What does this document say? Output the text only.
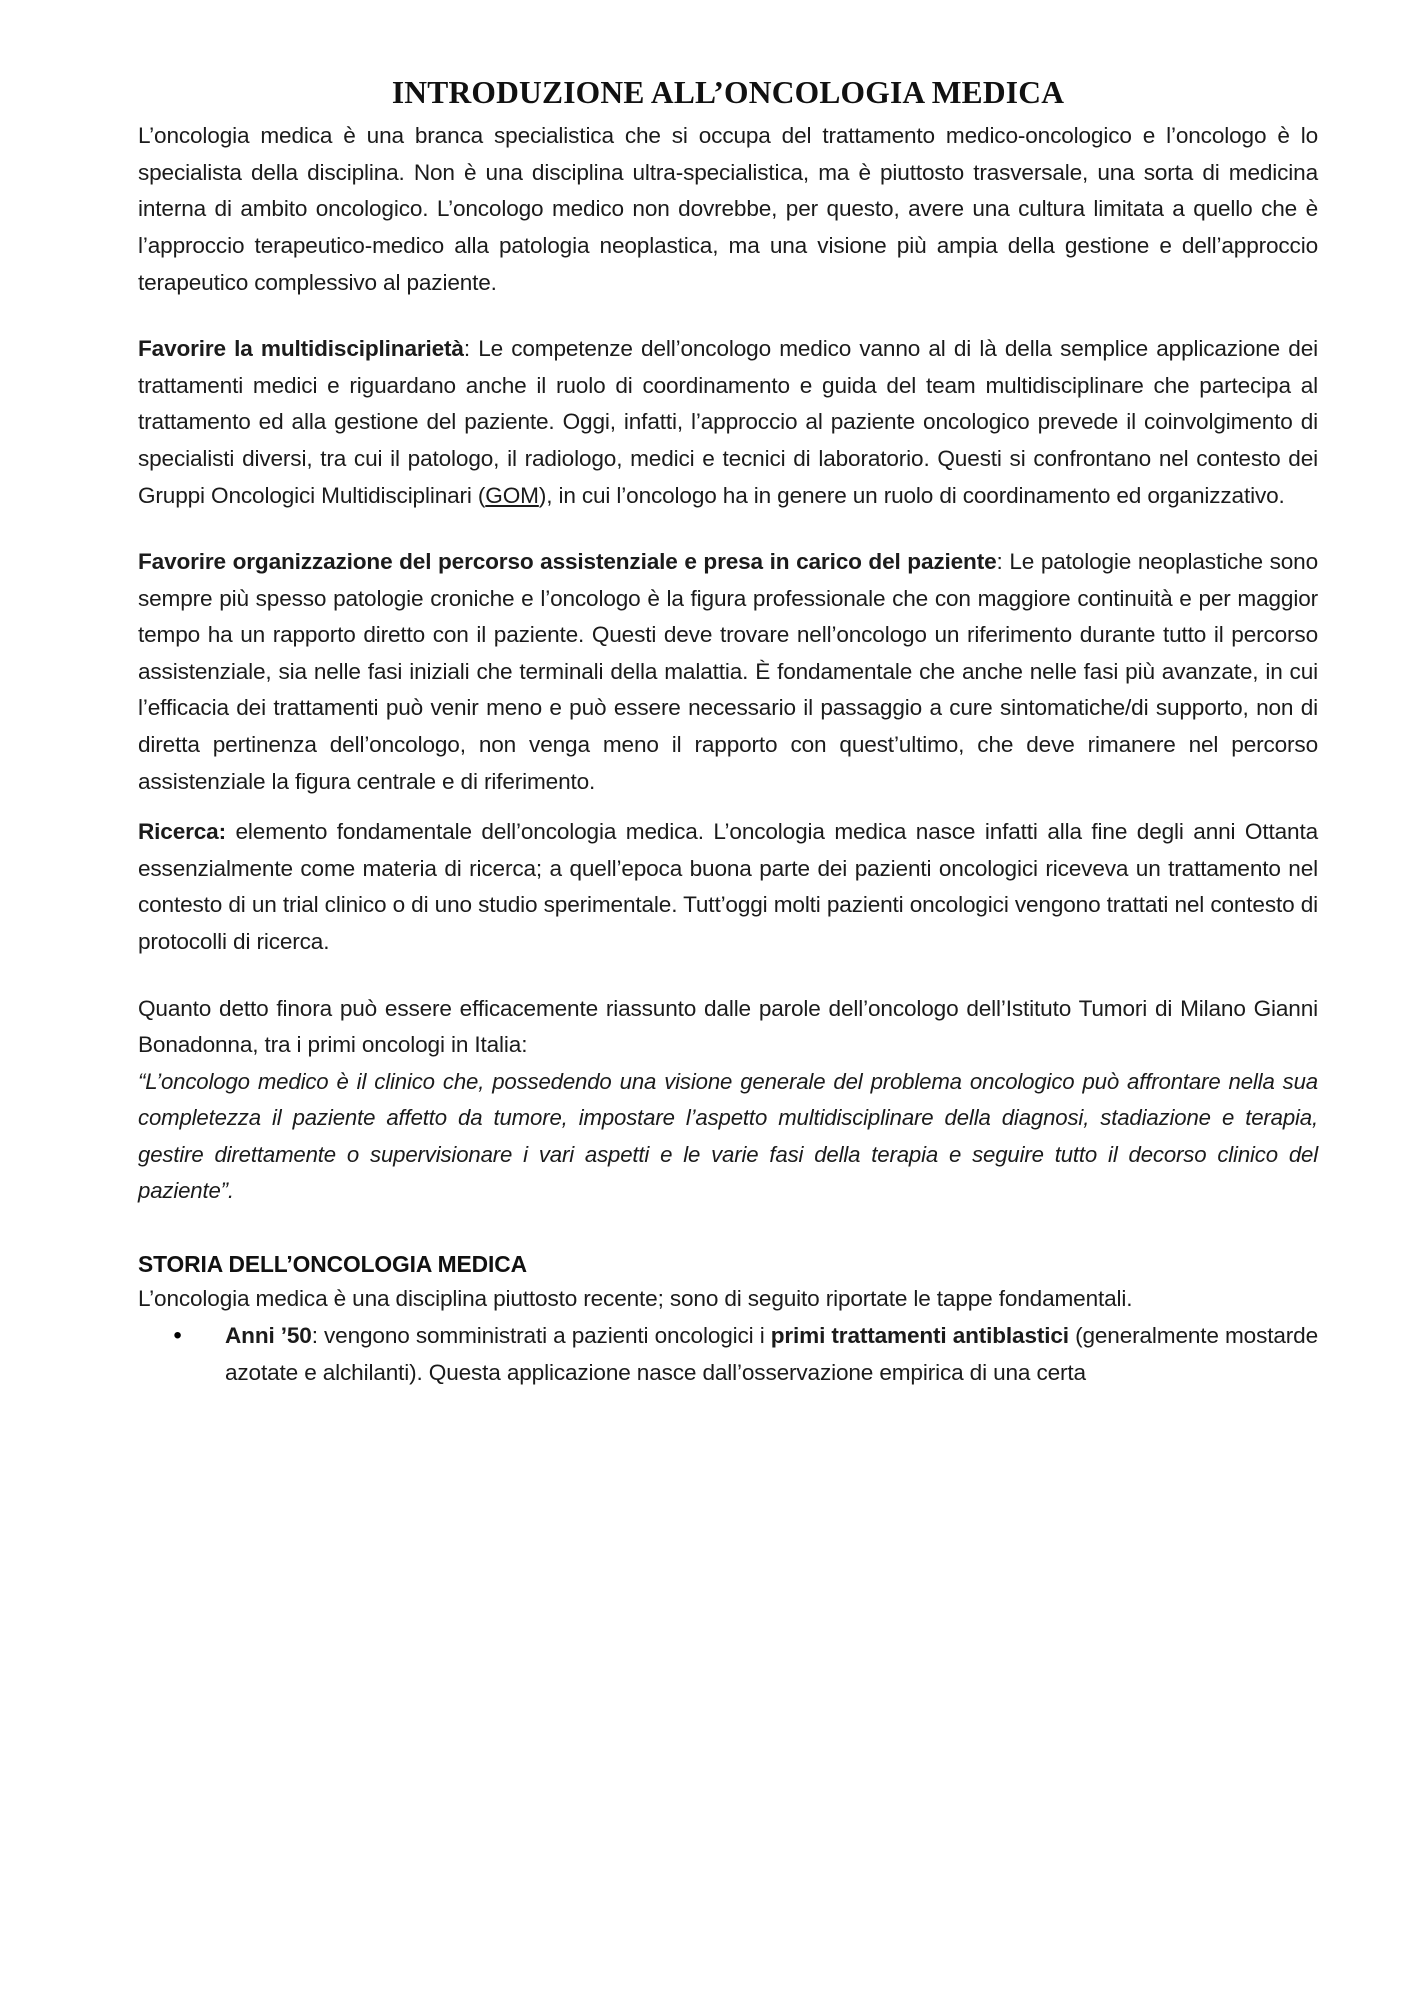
INTRODUZIONE ALL’ONCOLOGIA MEDICA

L’oncologia medica è una branca specialistica che si occupa del trattamento medico-oncologico e l’oncologo è lo specialista della disciplina. Non è una disciplina ultra-specialistica, ma è piuttosto trasversale, una sorta di medicina interna di ambito oncologico. L’oncologo medico non dovrebbe, per questo, avere una cultura limitata a quello che è l’approccio terapeutico-medico alla patologia neoplastica, ma una visione più ampia della gestione e dell’approccio terapeutico complessivo al paziente.

Favorire la multidisciplinarietà: Le competenze dell’oncologo medico vanno al di là della semplice applicazione dei trattamenti medici e riguardano anche il ruolo di coordinamento e guida del team multidisciplinare che partecipa al trattamento ed alla gestione del paziente. Oggi, infatti, l’approccio al paziente oncologico prevede il coinvolgimento di specialisti diversi, tra cui il patologo, il radiologo, medici e tecnici di laboratorio. Questi si confrontano nel contesto dei Gruppi Oncologici Multidisciplinari (GOM), in cui l’oncologo ha in genere un ruolo di coordinamento ed organizzativo.

Favorire organizzazione del percorso assistenziale e presa in carico del paziente: Le patologie neoplastiche sono sempre più spesso patologie croniche e l’oncologo è la figura professionale che con maggiore continuità e per maggior tempo ha un rapporto diretto con il paziente. Questi deve trovare nell’oncologo un riferimento durante tutto il percorso assistenziale, sia nelle fasi iniziali che terminali della malattia. È fondamentale che anche nelle fasi più avanzate, in cui l’efficacia dei trattamenti può venir meno e può essere necessario il passaggio a cure sintomatiche/di supporto, non di diretta pertinenza dell’oncologo, non venga meno il rapporto con quest’ultimo, che deve rimanere nel percorso assistenziale la figura centrale e di riferimento.

Ricerca: elemento fondamentale dell’oncologia medica. L’oncologia medica nasce infatti alla fine degli anni Ottanta essenzialmente come materia di ricerca; a quell’epoca buona parte dei pazienti oncologici riceveva un trattamento nel contesto di un trial clinico o di uno studio sperimentale. Tutt’oggi molti pazienti oncologici vengono trattati nel contesto di protocolli di ricerca.

Quanto detto finora può essere efficacemente riassunto dalle parole dell’oncologo dell’Istituto Tumori di Milano Gianni Bonadonna, tra i primi oncologi in Italia:

“L’oncologo medico è il clinico che, possedendo una visione generale del problema oncologico può affrontare nella sua completezza il paziente affetto da tumore, impostare l’aspetto multidisciplinare della diagnosi, stadiazione e terapia, gestire direttamente o supervisionare i vari aspetti e le varie fasi della terapia e seguire tutto il decorso clinico del paziente”.

STORIA DELL’ONCOLOGIA MEDICA

L’oncologia medica è una disciplina piuttosto recente; sono di seguito riportate le tappe fondamentali.

• Anni ’50: vengono somministrati a pazienti oncologici i primi trattamenti antiblastici (generalmente mostarde azotate e alchilanti). Questa applicazione nasce dall’osservazione empirica di una certa
